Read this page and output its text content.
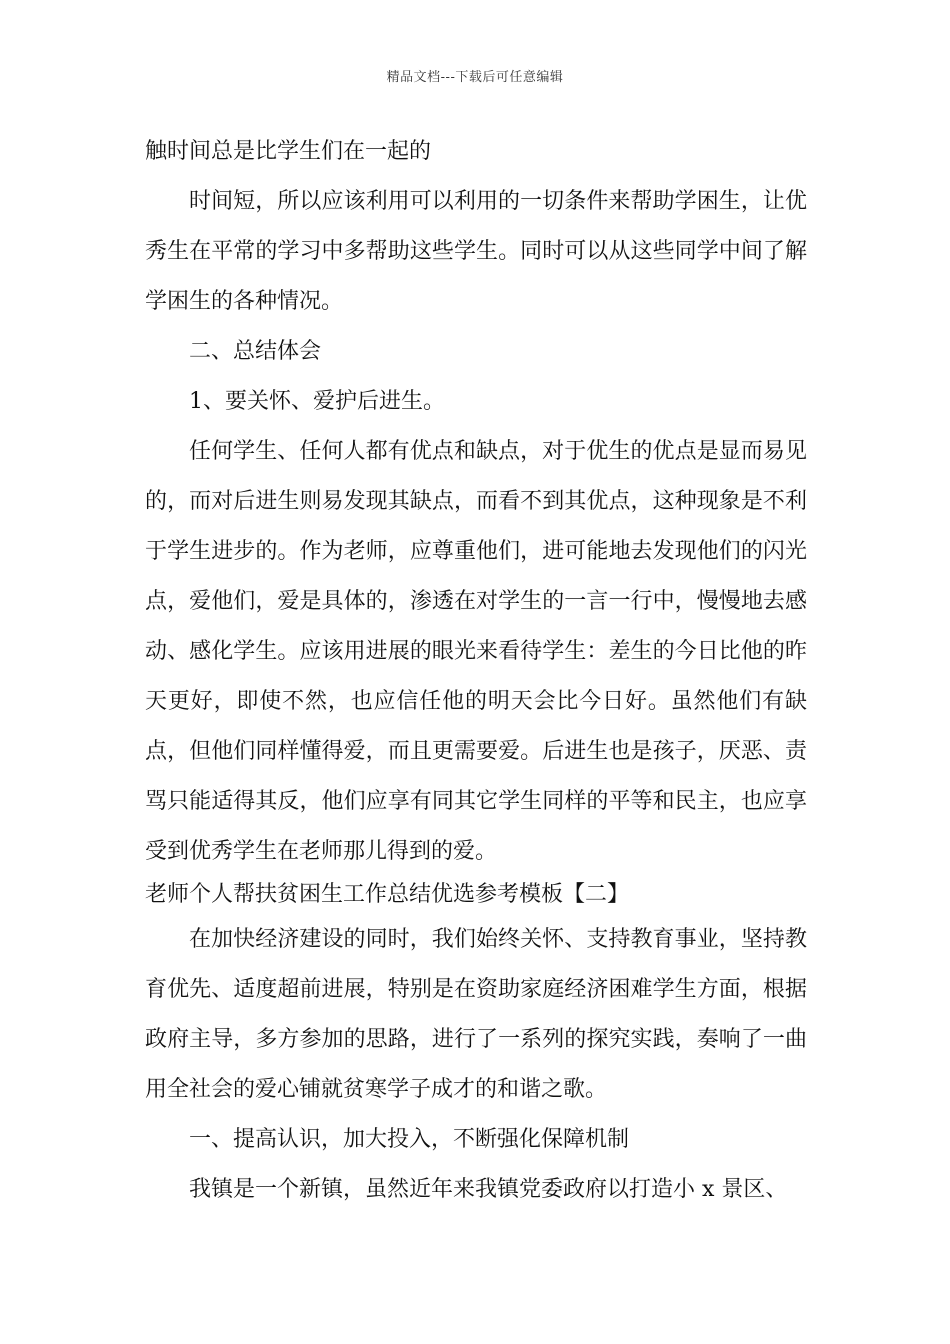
精品文档---下载后可任意编辑

触时间总是比学生们在一起的

时间短，所以应该利用可以利用的一切条件来帮助学困生，让优秀生在平常的学习中多帮助这些学生。同时可以从这些同学中间了解学困生的各种情况。

二、总结体会

1、要关怀、爱护后进生。

任何学生、任何人都有优点和缺点，对于优生的优点是显而易见的，而对后进生则易发现其缺点，而看不到其优点，这种现象是不利于学生进步的。作为老师，应尊重他们，进可能地去发现他们的闪光点，爱他们，爱是具体的，渗透在对学生的一言一行中，慢慢地去感动、感化学生。应该用进展的眼光来看待学生：差生的今日比他的昨天更好，即使不然，也应信任他的明天会比今日好。虽然他们有缺点，但他们同样懂得爱，而且更需要爱。后进生也是孩子，厌恶、责骂只能适得其反，他们应享有同其它学生同样的平等和民主，也应享受到优秀学生在老师那儿得到的爱。

老师个人帮扶贫困生工作总结优选参考模板【二】

在加快经济建设的同时，我们始终关怀、支持教育事业，坚持教育优先、适度超前进展，特别是在资助家庭经济困难学生方面，根据政府主导，多方参加的思路，进行了一系列的探究实践，奏响了一曲用全社会的爱心铺就贫寒学子成才的和谐之歌。

一、提高认识，加大投入，不断强化保障机制

我镇是一个新镇，虽然近年来我镇党委政府以打造小 x 景区、
